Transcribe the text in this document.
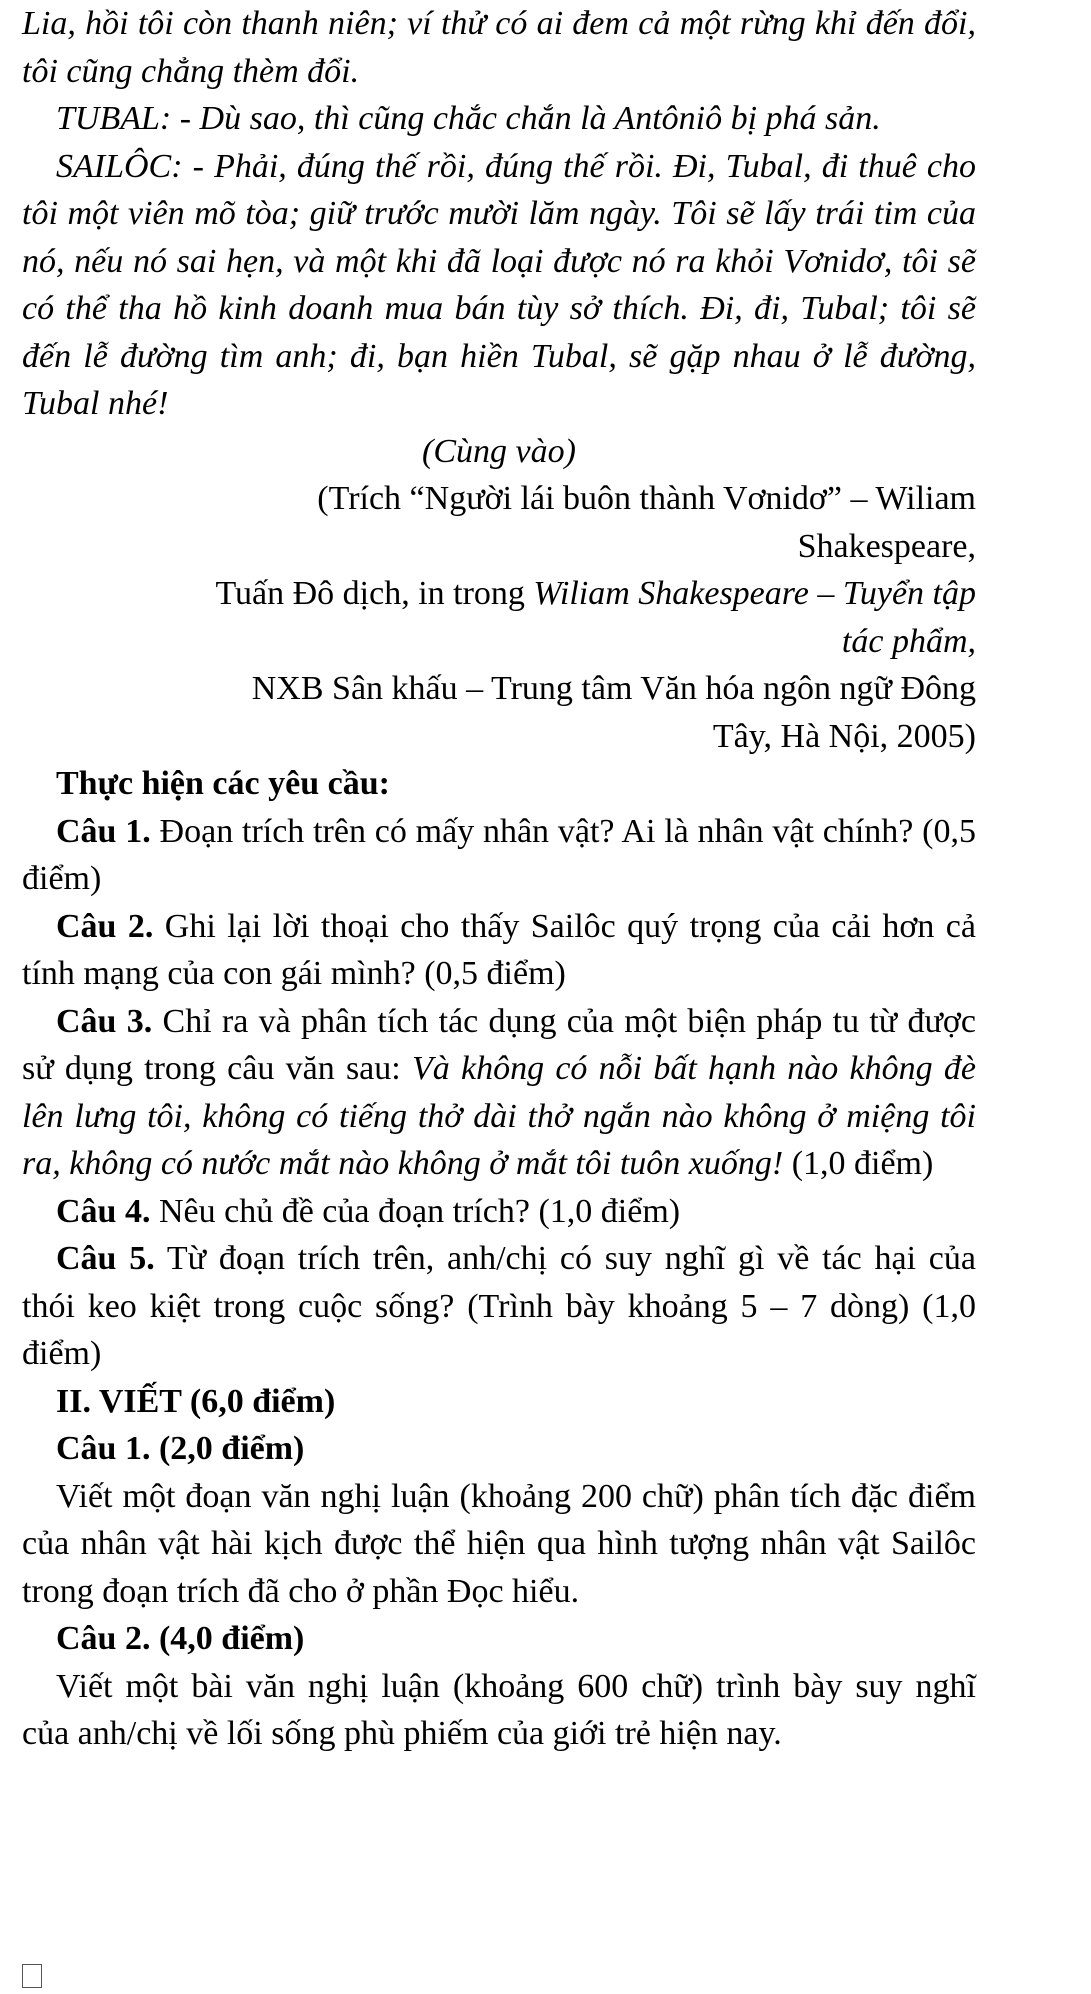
Lia, hồi tôi còn thanh niên; ví thử có ai đem cả một rừng khỉ đến đổi, tôi cũng chẳng thèm đổi.

TUBAL: - Dù sao, thì cũng chắc chắn là Antôniô bị phá sản.

SAILÔC: - Phải, đúng thế rồi, đúng thế rồi. Đi, Tubal, đi thuê cho tôi một viên mõ tòa; giữ trước mười lăm ngày. Tôi sẽ lấy trái tim của nó, nếu nó sai hẹn, và một khi đã loại được nó ra khỏi Vơnidơ, tôi sẽ có thể tha hồ kinh doanh mua bán tùy sở thích. Đi, đi, Tubal; tôi sẽ đến lễ đường tìm anh; đi, bạn hiền Tubal, sẽ gặp nhau ở lễ đường, Tubal nhé!

(Cùng vào)

(Trích “Người lái buôn thành Vơnidơ” – Wiliam

Shakespeare,

Tuấn Đô dịch, in trong Wiliam Shakespeare – Tuyển tập

tác phẩm,

NXB Sân khấu – Trung tâm Văn hóa ngôn ngữ Đông

Tây, Hà Nội, 2005)

Thực hiện các yêu cầu:

Câu 1. Đoạn trích trên có mấy nhân vật? Ai là nhân vật chính? (0,5 điểm)

Câu 2. Ghi lại lời thoại cho thấy Sailôc quý trọng của cải hơn cả tính mạng của con gái mình? (0,5 điểm)

Câu 3. Chỉ ra và phân tích tác dụng của một biện pháp tu từ được sử dụng trong câu văn sau: Và không có nỗi bất hạnh nào không đè lên lưng tôi, không có tiếng thở dài thở ngắn nào không ở miệng tôi ra, không có nước mắt nào không ở mắt tôi tuôn xuống! (1,0 điểm)

Câu 4. Nêu chủ đề của đoạn trích? (1,0 điểm)

Câu 5. Từ đoạn trích trên, anh/chị có suy nghĩ gì về tác hại của thói keo kiệt trong cuộc sống? (Trình bày khoảng 5 – 7 dòng) (1,0 điểm)

II. VIẾT (6,0 điểm)

Câu 1. (2,0 điểm)

Viết một đoạn văn nghị luận (khoảng 200 chữ) phân tích đặc điểm của nhân vật hài kịch được thể hiện qua hình tượng nhân vật Sailôc trong đoạn trích đã cho ở phần Đọc hiểu.

Câu 2. (4,0 điểm)

Viết một bài văn nghị luận (khoảng 600 chữ) trình bày suy nghĩ của anh/chị về lối sống phù phiếm của giới trẻ hiện nay.
